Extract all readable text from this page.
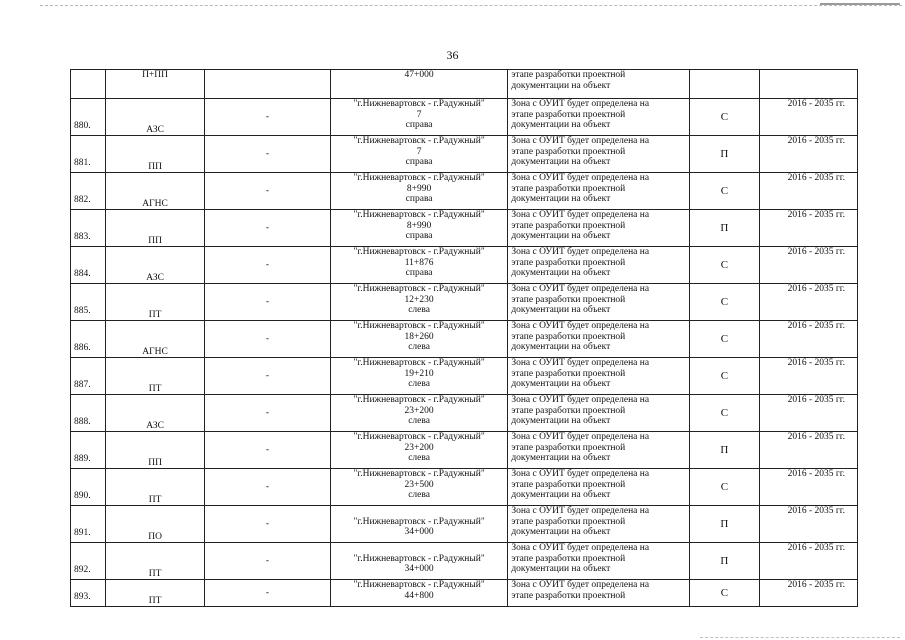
36
	П+ПП		47+000	этапе разработки проектной
документации на объект		

880.	АЗС	-	"г.Нижневартовск - г.Радужный"
7
справа	Зона с ОУИТ будет определена на
этапе разработки проектной
документации на объект	С	2016 - 2035 гг.
881.	ПП	-	"г.Нижневартовск - г.Радужный"
7
справа	Зона с ОУИТ будет определена на
этапе разработки проектной
документации на объект	П	2016 - 2035 гг.
882.	АГНС	-	"г.Нижневартовск - г.Радужный"
8+990
справа	Зона с ОУИТ будет определена на
этапе разработки проектной
документации на объект	С	2016 - 2035 гг.
883.	ПП	-	"г.Нижневартовск - г.Радужный"
8+990
справа	Зона с ОУИТ будет определена на
этапе разработки проектной
документации на объект	П	2016 - 2035 гг.
884.	АЗС	-	"г.Нижневартовск - г.Радужный"
11+876
справа	Зона с ОУИТ будет определена на
этапе разработки проектной
документации на объект	С	2016 - 2035 гг.
885.	ПТ	-	"г.Нижневартовск - г.Радужный"
12+230
слева	Зона с ОУИТ будет определена на
этапе разработки проектной
документации на объект	С	2016 - 2035 гг.
886.	АГНС	-	"г.Нижневартовск - г.Радужный"
18+260
слева	Зона с ОУИТ будет определена на
этапе разработки проектной
документации на объект	С	2016 - 2035 гг.
887.	ПТ	-	"г.Нижневартовск - г.Радужный"
19+210
слева	Зона с ОУИТ будет определена на
этапе разработки проектной
документации на объект	С	2016 - 2035 гг.
888.	АЗС	-	"г.Нижневартовск - г.Радужный"
23+200
слева	Зона с ОУИТ будет определена на
этапе разработки проектной
документации на объект	С	2016 - 2035 гг.
889.	ПП	-	"г.Нижневартовск - г.Радужный"
23+200
слева	Зона с ОУИТ будет определена на
этапе разработки проектной
документации на объект	П	2016 - 2035 гг.
890.	ПТ	-	"г.Нижневартовск - г.Радужный"
23+500
слева	Зона с ОУИТ будет определена на
этапе разработки проектной
документации на объект	С	2016 - 2035 гг.
891.	ПО	-	"г.Нижневартовск - г.Радужный"
34+000	Зона с ОУИТ будет определена на
этапе разработки проектной
документации на объект	П	2016 - 2035 гг.
892.	ПТ	-	"г.Нижневартовск - г.Радужный"
34+000	Зона с ОУИТ будет определена на
этапе разработки проектной
документации на объект	П	2016 - 2035 гг.
893.	ПТ	-	"г.Нижневартовск - г.Радужный"
44+800	Зона с ОУИТ будет определена на
этапе разработки проектной	С	2016 - 2035 гг.
